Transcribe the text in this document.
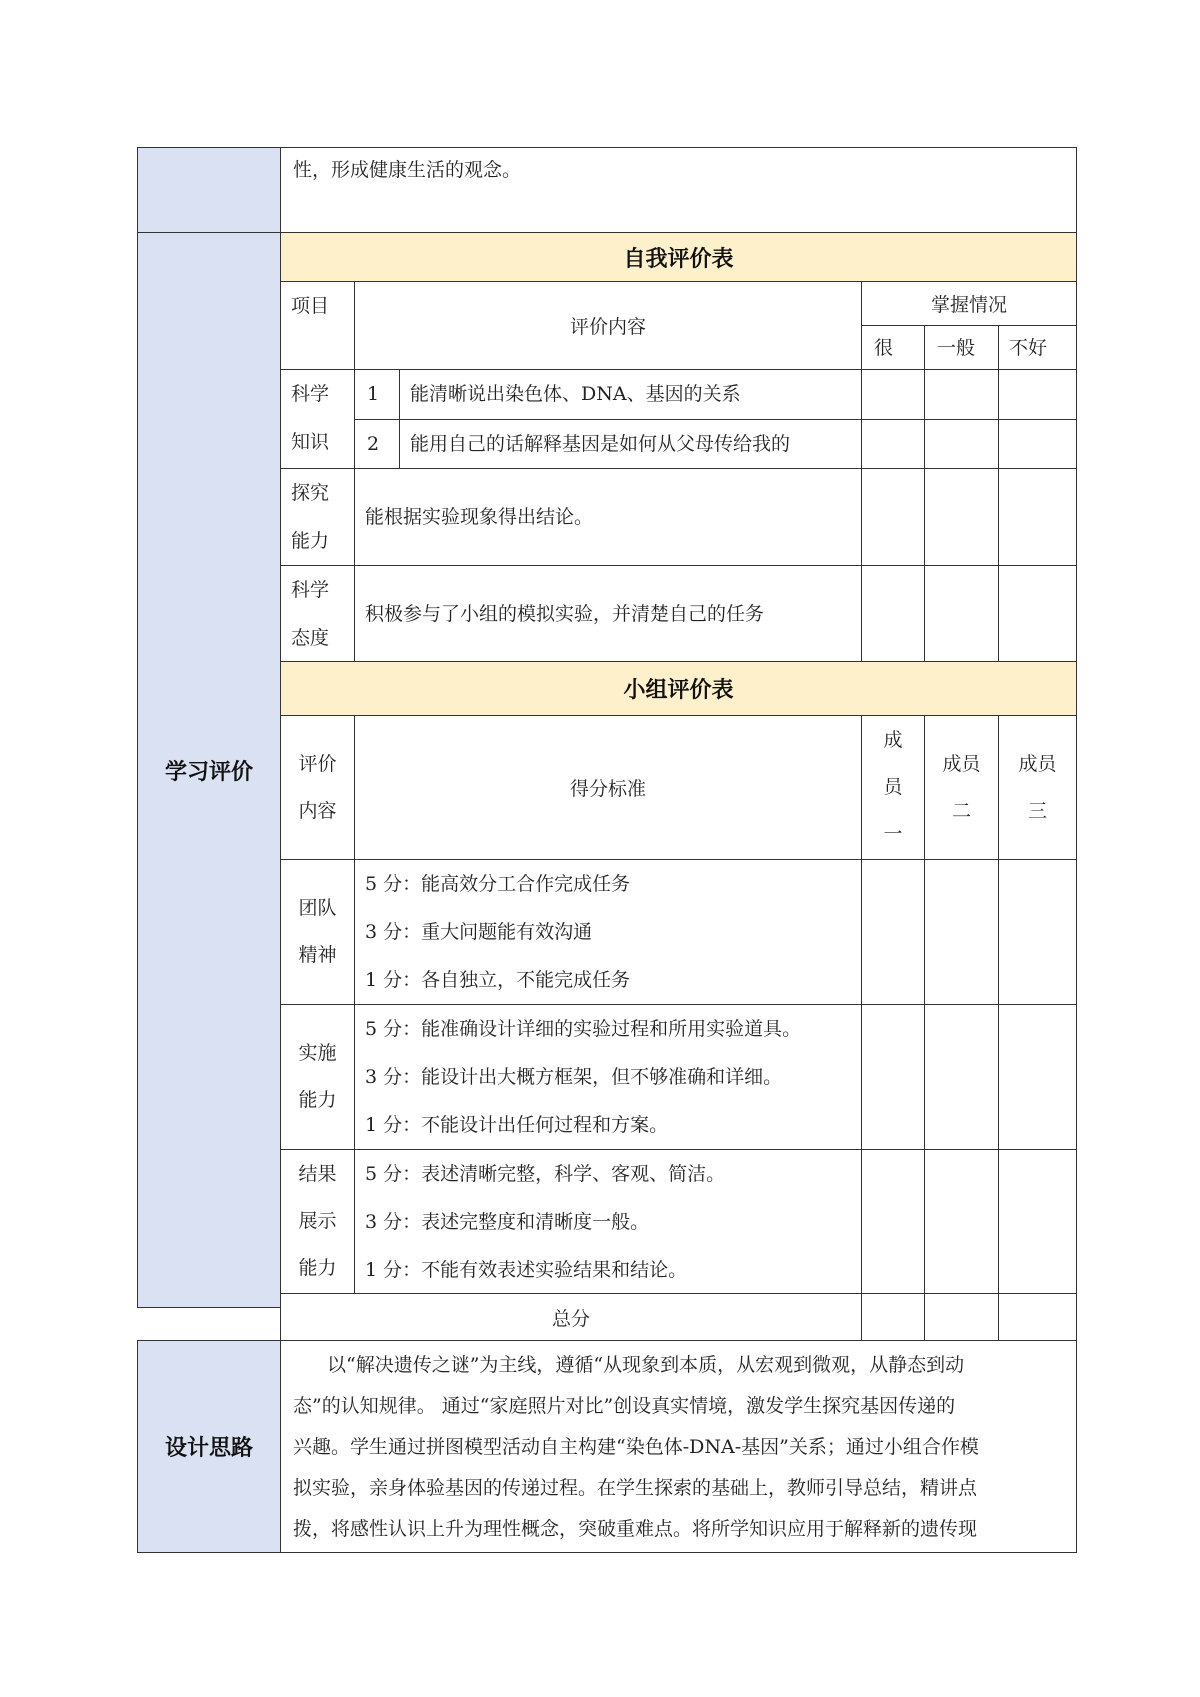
性，形成健康生活的观念。
学习评价
自我评价表
项目
评价内容
掌握情况
很 一般 不好
科学
知识
1 能清晰说出染色体、DNA、基因的关系
2 能用自己的话解释基因是如何从父母传给我的
探究
能力
能根据实验现象得出结论。
科学
态度
积极参与了小组的模拟实验，并清楚自己的任务
小组评价表
评价
内容
得分标准
成
员
一
成员
二
成员
三
团队
精神
5 分：能高效分工合作完成任务
3 分：重大问题能有效沟通
1 分：各自独立，不能完成任务
实施
能力
5 分：能准确设计详细的实验过程和所用实验道具。
3 分：能设计出大概方框架，但不够准确和详细。
1 分：不能设计出任何过程和方案。
结果
展示
能力
5 分：表述清晰完整，科学、客观、简洁。
3 分：表述完整度和清晰度一般。
1 分：不能有效表述实验结果和结论。
总分
设计思路
以“解决遗传之谜”为主线，遵循“从现象到本质，从宏观到微观，从静态到动
态”的认知规律。 通过“家庭照片对比”创设真实情境，激发学生探究基因传递的
兴趣。学生通过拼图模型活动自主构建“染色体-DNA-基因”关系；通过小组合作模
拟实验，亲身体验基因的传递过程。在学生探索的基础上，教师引导总结，精讲点
拨，将感性认识上升为理性概念，突破重难点。将所学知识应用于解释新的遗传现
